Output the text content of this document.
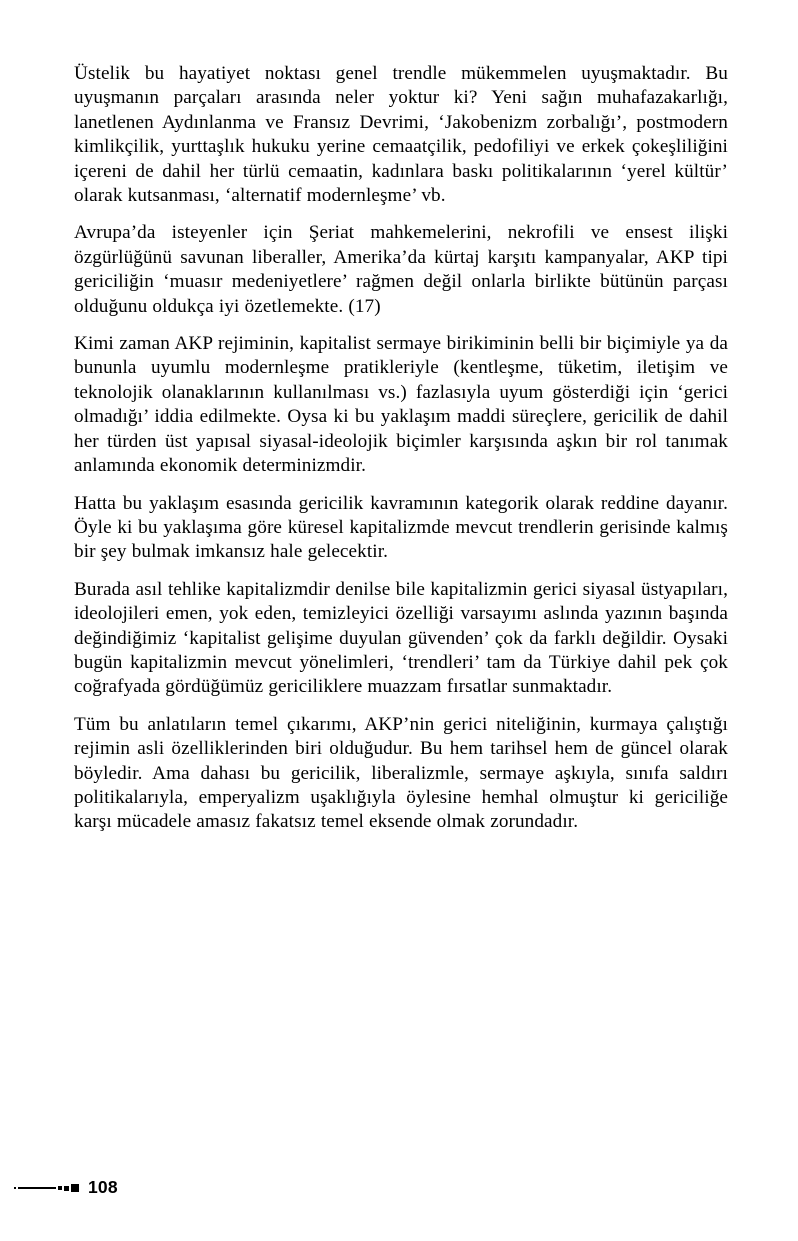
Üstelik bu hayatiyet noktası genel trendle mükemmelen uyuşmaktadır. Bu uyuşmanın parçaları arasında neler yoktur ki? Yeni sağın muhafazakarlığı, lanetlenen Aydınlanma ve Fransız Devrimi, ‘Jakobenizm zorbalığı’, postmodern kimlikçilik, yurttaşlık hukuku yerine cemaatçilik, pedofiliyi ve erkek çokeşliliğini içereni de dahil her türlü cemaatin, kadınlara baskı politikalarının ‘yerel kültür’ olarak kutsanması, ‘alternatif modernleşme’ vb.

Avrupa’da isteyenler için Şeriat mahkemelerini, nekrofili ve ensest ilişki özgürlüğünü savunan liberaller, Amerika’da kürtaj karşıtı kampanyalar, AKP tipi gericiliğin ‘muasır medeniyetlere’ rağmen değil onlarla birlikte bütünün parçası olduğunu oldukça iyi özetlemekte. (17)

Kimi zaman AKP rejiminin, kapitalist sermaye birikiminin belli bir biçimiyle ya da bununla uyumlu modernleşme pratikleriyle (kentleşme, tüketim, iletişim ve teknolojik olanaklarının kullanılması vs.) fazlasıyla uyum gösterdiği için ‘gerici olmadığı’ iddia edilmekte. Oysa ki bu yaklaşım maddi süreçlere, gericilik de dahil her türden üst yapısal siyasal-ideolojik biçimler karşısında aşkın bir rol tanımak anlamında ekonomik determinizmdir.

Hatta bu yaklaşım esasında gericilik kavramının kategorik olarak reddine dayanır. Öyle ki bu yaklaşıma göre küresel kapitalizmde mevcut trendlerin gerisinde kalmış bir şey bulmak imkansız hale gelecektir.

Burada asıl tehlike kapitalizmdir denilse bile kapitalizmin gerici siyasal üstyapıları, ideolojileri emen, yok eden, temizleyici özelliği varsayımı aslında yazının başında değindiğimiz ‘kapitalist gelişime duyulan güvenden’ çok da farklı değildir. Oysaki bugün kapitalizmin mevcut yönelimleri, ‘trendleri’ tam da Türkiye dahil pek çok coğrafyada gördüğümüz gericiliklere muazzam fırsatlar sunmaktadır.

Tüm bu anlatıların temel çıkarımı, AKP’nin gerici niteliğinin, kurmaya çalıştığı rejimin asli özelliklerinden biri olduğudur. Bu hem tarihsel hem de güncel olarak böyledir. Ama dahası bu gericilik, liberalizmle, sermaye aşkıyla, sınıfa saldırı politikalarıyla, emperyalizm uşaklığıyla öylesine hemhal olmuştur ki gericiliğe karşı mücadele amasız fakatsız temel eksende olmak zorundadır.

108
